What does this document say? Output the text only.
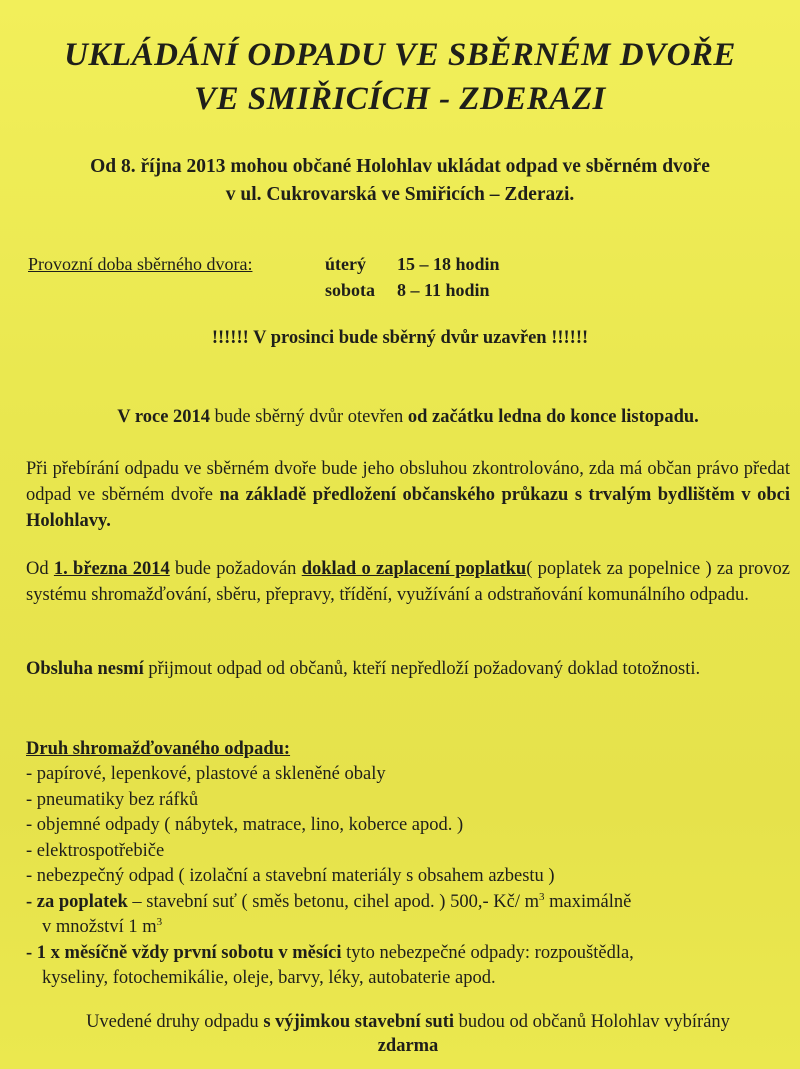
UKLÁDÁNÍ ODPADU VE SBĚRNÉM DVOŘE
VE SMIŘICÍCH - ZDERAZI

Od 8. října 2013 mohou občané Holohlav ukládat odpad ve sběrném dvoře
v ul. Cukrovarská ve Smiřicích – Zderazi.

Provozní doba sběrného dvora:	úterý 15 – 18 hodin
sobota 8 – 11 hodin

!!!!!! V prosinci bude sběrný dvůr uzavřen !!!!!!

V roce 2014 bude sběrný dvůr otevřen od začátku ledna do konce listopadu.

Při přebírání odpadu ve sběrném dvoře bude jeho obsluhou zkontrolováno, zda má občan právo předat odpad ve sběrném dvoře na základě předložení občanského průkazu s trvalým bydlištěm v obci Holohlavy.

Od 1. března 2014 bude požadován doklad o zaplacení poplatku( poplatek za popelnice ) za provoz systému shromažďování, sběru, přepravy, třídění, využívání a odstraňování komunálního odpadu.

Obsluha nesmí přijmout odpad od občanů, kteří nepředloží požadovaný doklad totožnosti.

Druh shromažďovaného odpadu:

- papírové, lepenkové, plastové a skleněné obaly
- pneumatiky bez ráfků
- objemné odpady ( nábytek, matrace, lino, koberce apod. )
- elektrospotřebiče
- nebezpečný odpad ( izolační a stavební materiály s obsahem azbestu )
- za poplatek – stavební suť ( směs betonu, cihel apod. ) 500,- Kč/ $m^3$ maximálně
v množství 1 $m^3$
- 1 x měsíčně vždy první sobotu v měsíci tyto nebezpečné odpady: rozpouštědla,
kyseliny, fotochemikálie, oleje, barvy, léky, autobaterie apod.

Uvedené druhy odpadu s výjimkou stavební suti budou od občanů Holohlav vybírány
zdarma
